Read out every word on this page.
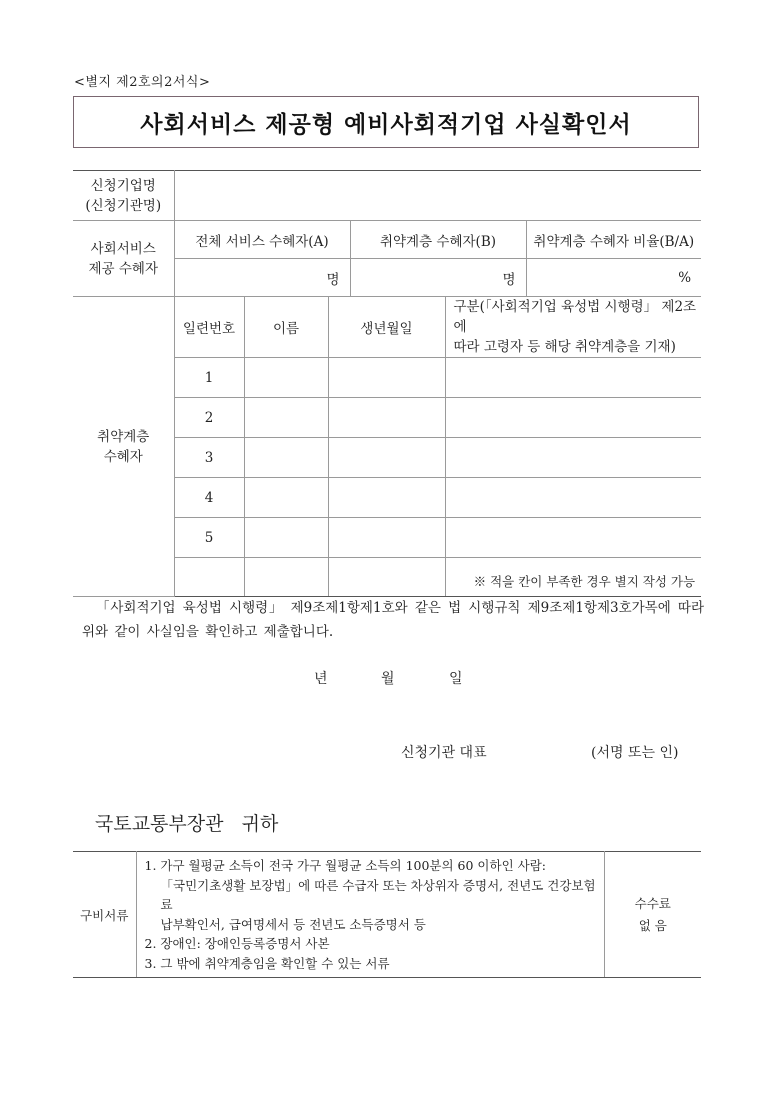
<별지 제2호의2서식>
사회서비스 제공형 예비사회적기업 사실확인서
신청기업명
(신청기관명)						
사회서비스
제공 수혜자	전체 서비스 수혜자(A)			취약계층 수혜자(B)		취약계층 수혜자 비율(B/A)
	명			명		%
취약계층
수혜자	일련번호	이름	생년월일		구분(「사회적기업 육성법 시행령」 제2조에
따라 고령자 등 해당 취약계층을 기재)	
	1					
	2					
	3					
	4					
	5					
					※ 적을 칸이 부족한 경우 별지 작성 가능	
「사회적기업 육성법 시행령」 제9조제1항제1호와 같은 법 시행규칙 제9조제1항제3호가목에 따라 위와 같이 사실임을 확인하고 제출합니다.
년	월	일
신청기관 대표	(서명 또는 인)
국토교통부장관   귀하
구비서류	
1. 가구 월평균 소득이 전국 가구 월평균 소득의 100분의 60 이하인 사람:
「국민기초생활 보장법」에 따른 수급자 또는 차상위자 증명서, 전년도 건강보험료
납부확인서, 급여명세서 등 전년도 소득증명서 등
2. 장애인: 장애인등록증명서 사본
3. 그 밖에 취약계층임을 확인할 수 있는 서류
	수수료
없 음
